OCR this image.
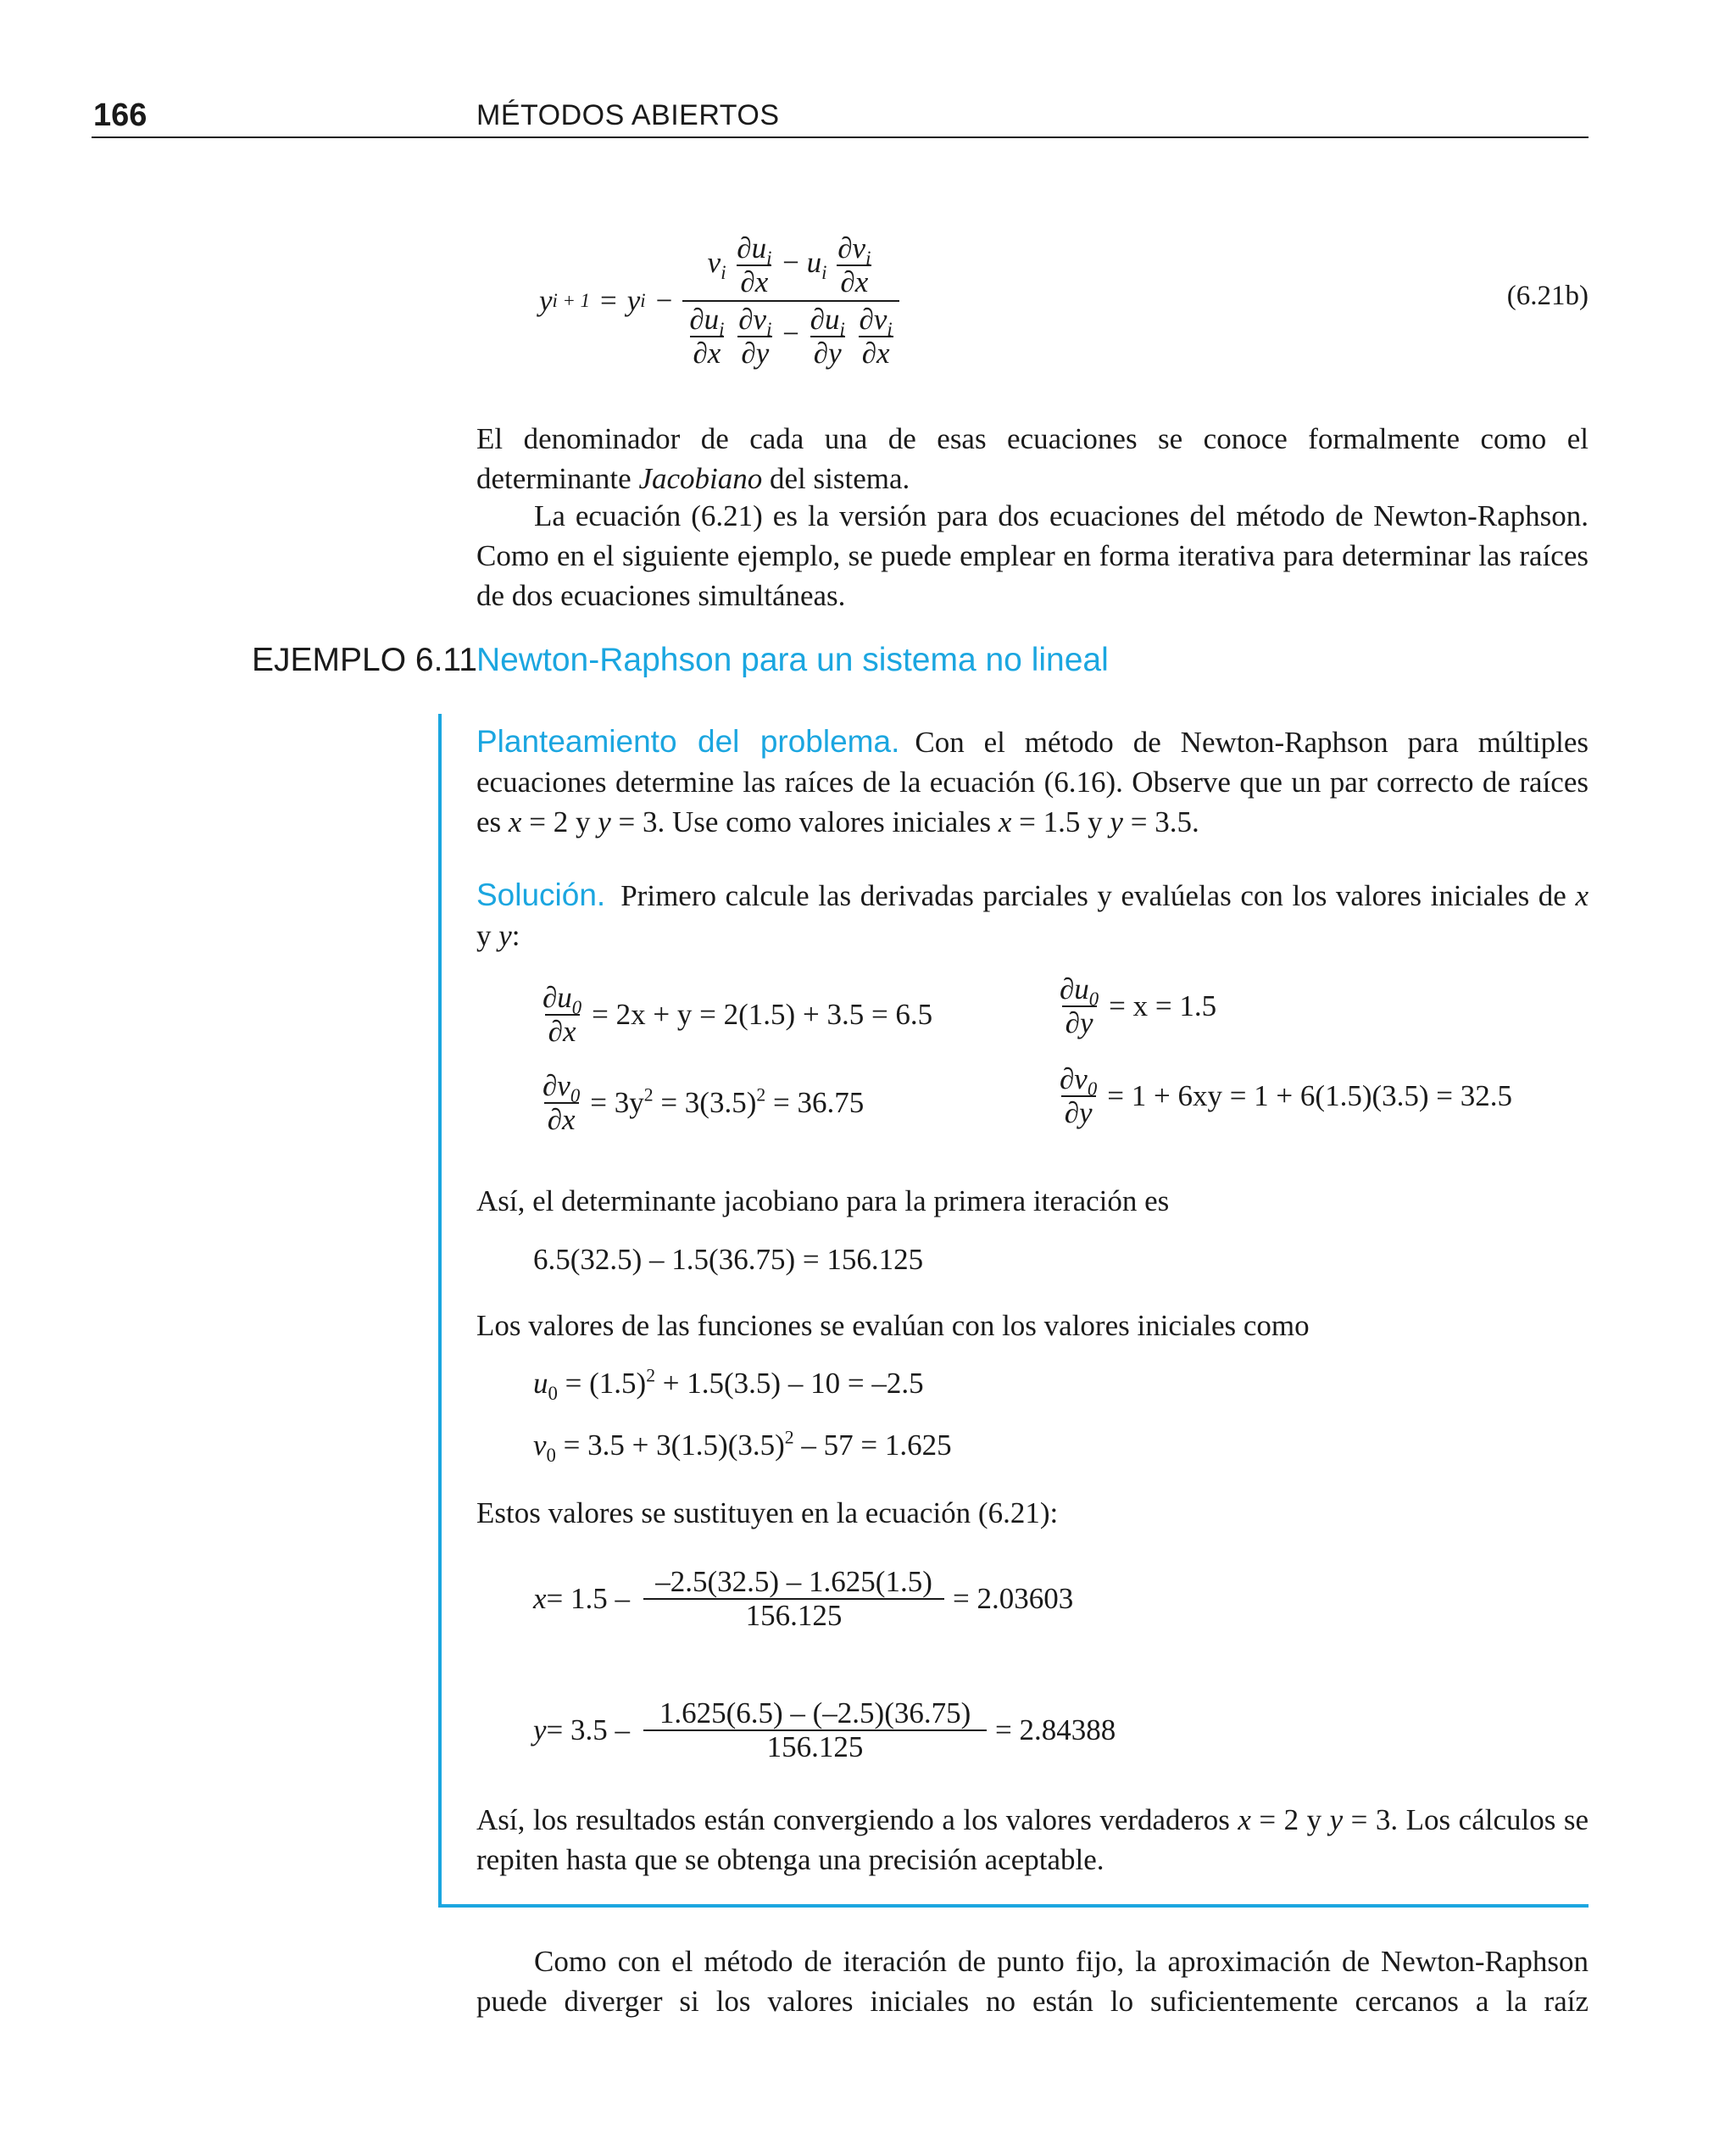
166	MÉTODOS ABIERTOS
y i + 1 = y $i - v_i \frac{\partial u_i}{\partial x} - u_i \frac{\partial v_i}{\partial x}$
$\frac{\partial u_i}{\partial x}$
$\frac{\partial v_i}{\partial y} - \frac{\partial u_i}{\partial y}$
$\frac{\partial v_i}{\partial x}$	(6.21b)
El denominador de cada una de esas ecuaciones se conoce formalmente como el determinante Jacobiano del sistema.
La ecuación (6.21) es la versión para dos ecuaciones del método de Newton-Raphson. Como en el siguiente ejemplo, se puede emplear en forma iterativa para determinar las raíces de dos ecuaciones simultáneas.
EJEMPLO 6.11 Newton-Raphson para un sistema no lineal
Planteamiento del problema. Con el método de Newton-Raphson para múltiples ecuaciones determine las raíces de la ecuación (6.16). Observe que un par correcto de raíces es x = 2 y y = 3. Use como valores iniciales x = 1.5 y y = 3.5.
Solución. Primero calcule las derivadas parciales y evalúelas con los valores iniciales de x y y:
$\frac{\partial u_0}{\partial x} = 2x + y = 2(1.5) + 3.5 = 6.5$	$\frac{\partial u_0}{\partial y} = x = 1.5$
$\frac{\partial v_0}{\partial x} = 3y^2 = 3(3.5)^2 = 36.75$	$\frac{\partial v_0}{\partial y} = 1 + 6xy = 1 + 6(1.5)(3.5) = 32.5$
Así, el determinante jacobiano para la primera iteración es
6.5(32.5) – 1.5(36.75) = 156.125
Los valores de las funciones se evalúan con los valores iniciales como
$u_0 = (1.5)^2 + 1.5(3.5) - 10 = -2.5$
$v_0 = 3.5 + 3(1.5)(3.5)^2 - 57 = 1.625$
Estos valores se sustituyen en la ecuación (6.21):
$x = 1.5 - \frac{-2.5(32.5) - 1.625(1.5)}{156.125} = 2.03603$
$y = 3.5 - \frac{1.625(6.5) - (-2.5)(36.75)}{156.125} = 2.84388$
Así, los resultados están convergiendo a los valores verdaderos x = 2 y y = 3. Los cálculos se repiten hasta que se obtenga una precisión aceptable.
Como con el método de iteración de punto fijo, la aproximación de Newton-Raphson puede diverger si los valores iniciales no están lo suficientemente cercanos a la raíz
